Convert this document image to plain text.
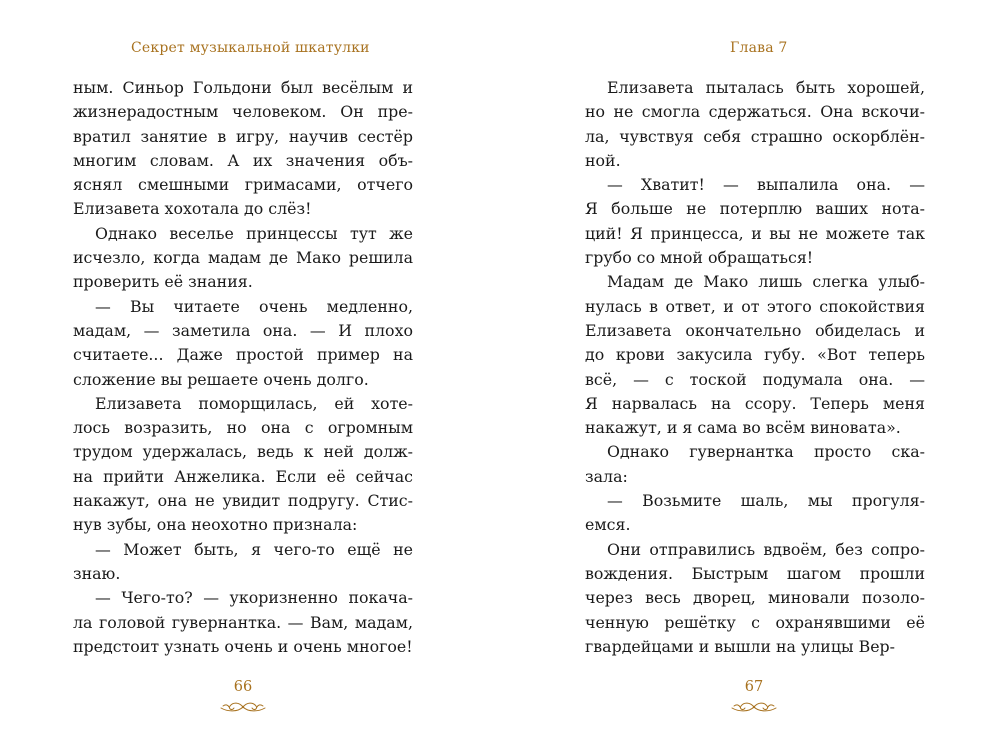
Секрет музыкальной шкатулки

ным. Синьор Гольдони был весёлым и

жизнерадостным человеком. Он пре-

вратил занятие в игру, научив сестёр

многим словам. А их значения объ-

яснял смешными гримасами, отчего

Елизавета хохотала до слёз!

Однако веселье принцессы тут же

исчезло, когда мадам де Мако решила

проверить её знания.

— Вы читаете очень медленно,

мадам, — заметила она. — И плохо

считаете... Даже простой пример на

сложение вы решаете очень долго.

Елизавета поморщилась, ей хоте-

лось возразить, но она с огромным

трудом удержалась, ведь к ней долж-

на прийти Анжелика. Если её сейчас

накажут, она не увидит подругу. Стис-

нув зубы, она неохотно признала:

— Может быть, я чего-то ещё не

знаю.

— Чего-то? — укоризненно покача-

ла головой гувернантка. — Вам, мадам,

предстоит узнать очень и очень многое!

66
Глава 7

Елизавета пыталась быть хорошей,

но не смогла сдержаться. Она вскочи-

ла, чувствуя себя страшно оскорблён-

ной.

— Хватит! — выпалила она. —

Я больше не потерплю ваших нота-

ций! Я принцесса, и вы не можете так

грубо со мной обращаться!

Мадам де Мако лишь слегка улыб-

нулась в ответ, и от этого спокойствия

Елизавета окончательно обиделась и

до крови закусила губу. «Вот теперь

всё, — с тоской подумала она. —

Я нарвалась на ссору. Теперь меня

накажут, и я сама во всём виновата».

Однако гувернантка просто ска-

зала:

— Возьмите шаль, мы прогуля-

емся.

Они отправились вдвоём, без сопро-

вождения. Быстрым шагом прошли

через весь дворец, миновали позоло-

ченную решётку с охранявшими её

гвардейцами и вышли на улицы Вер-

67
